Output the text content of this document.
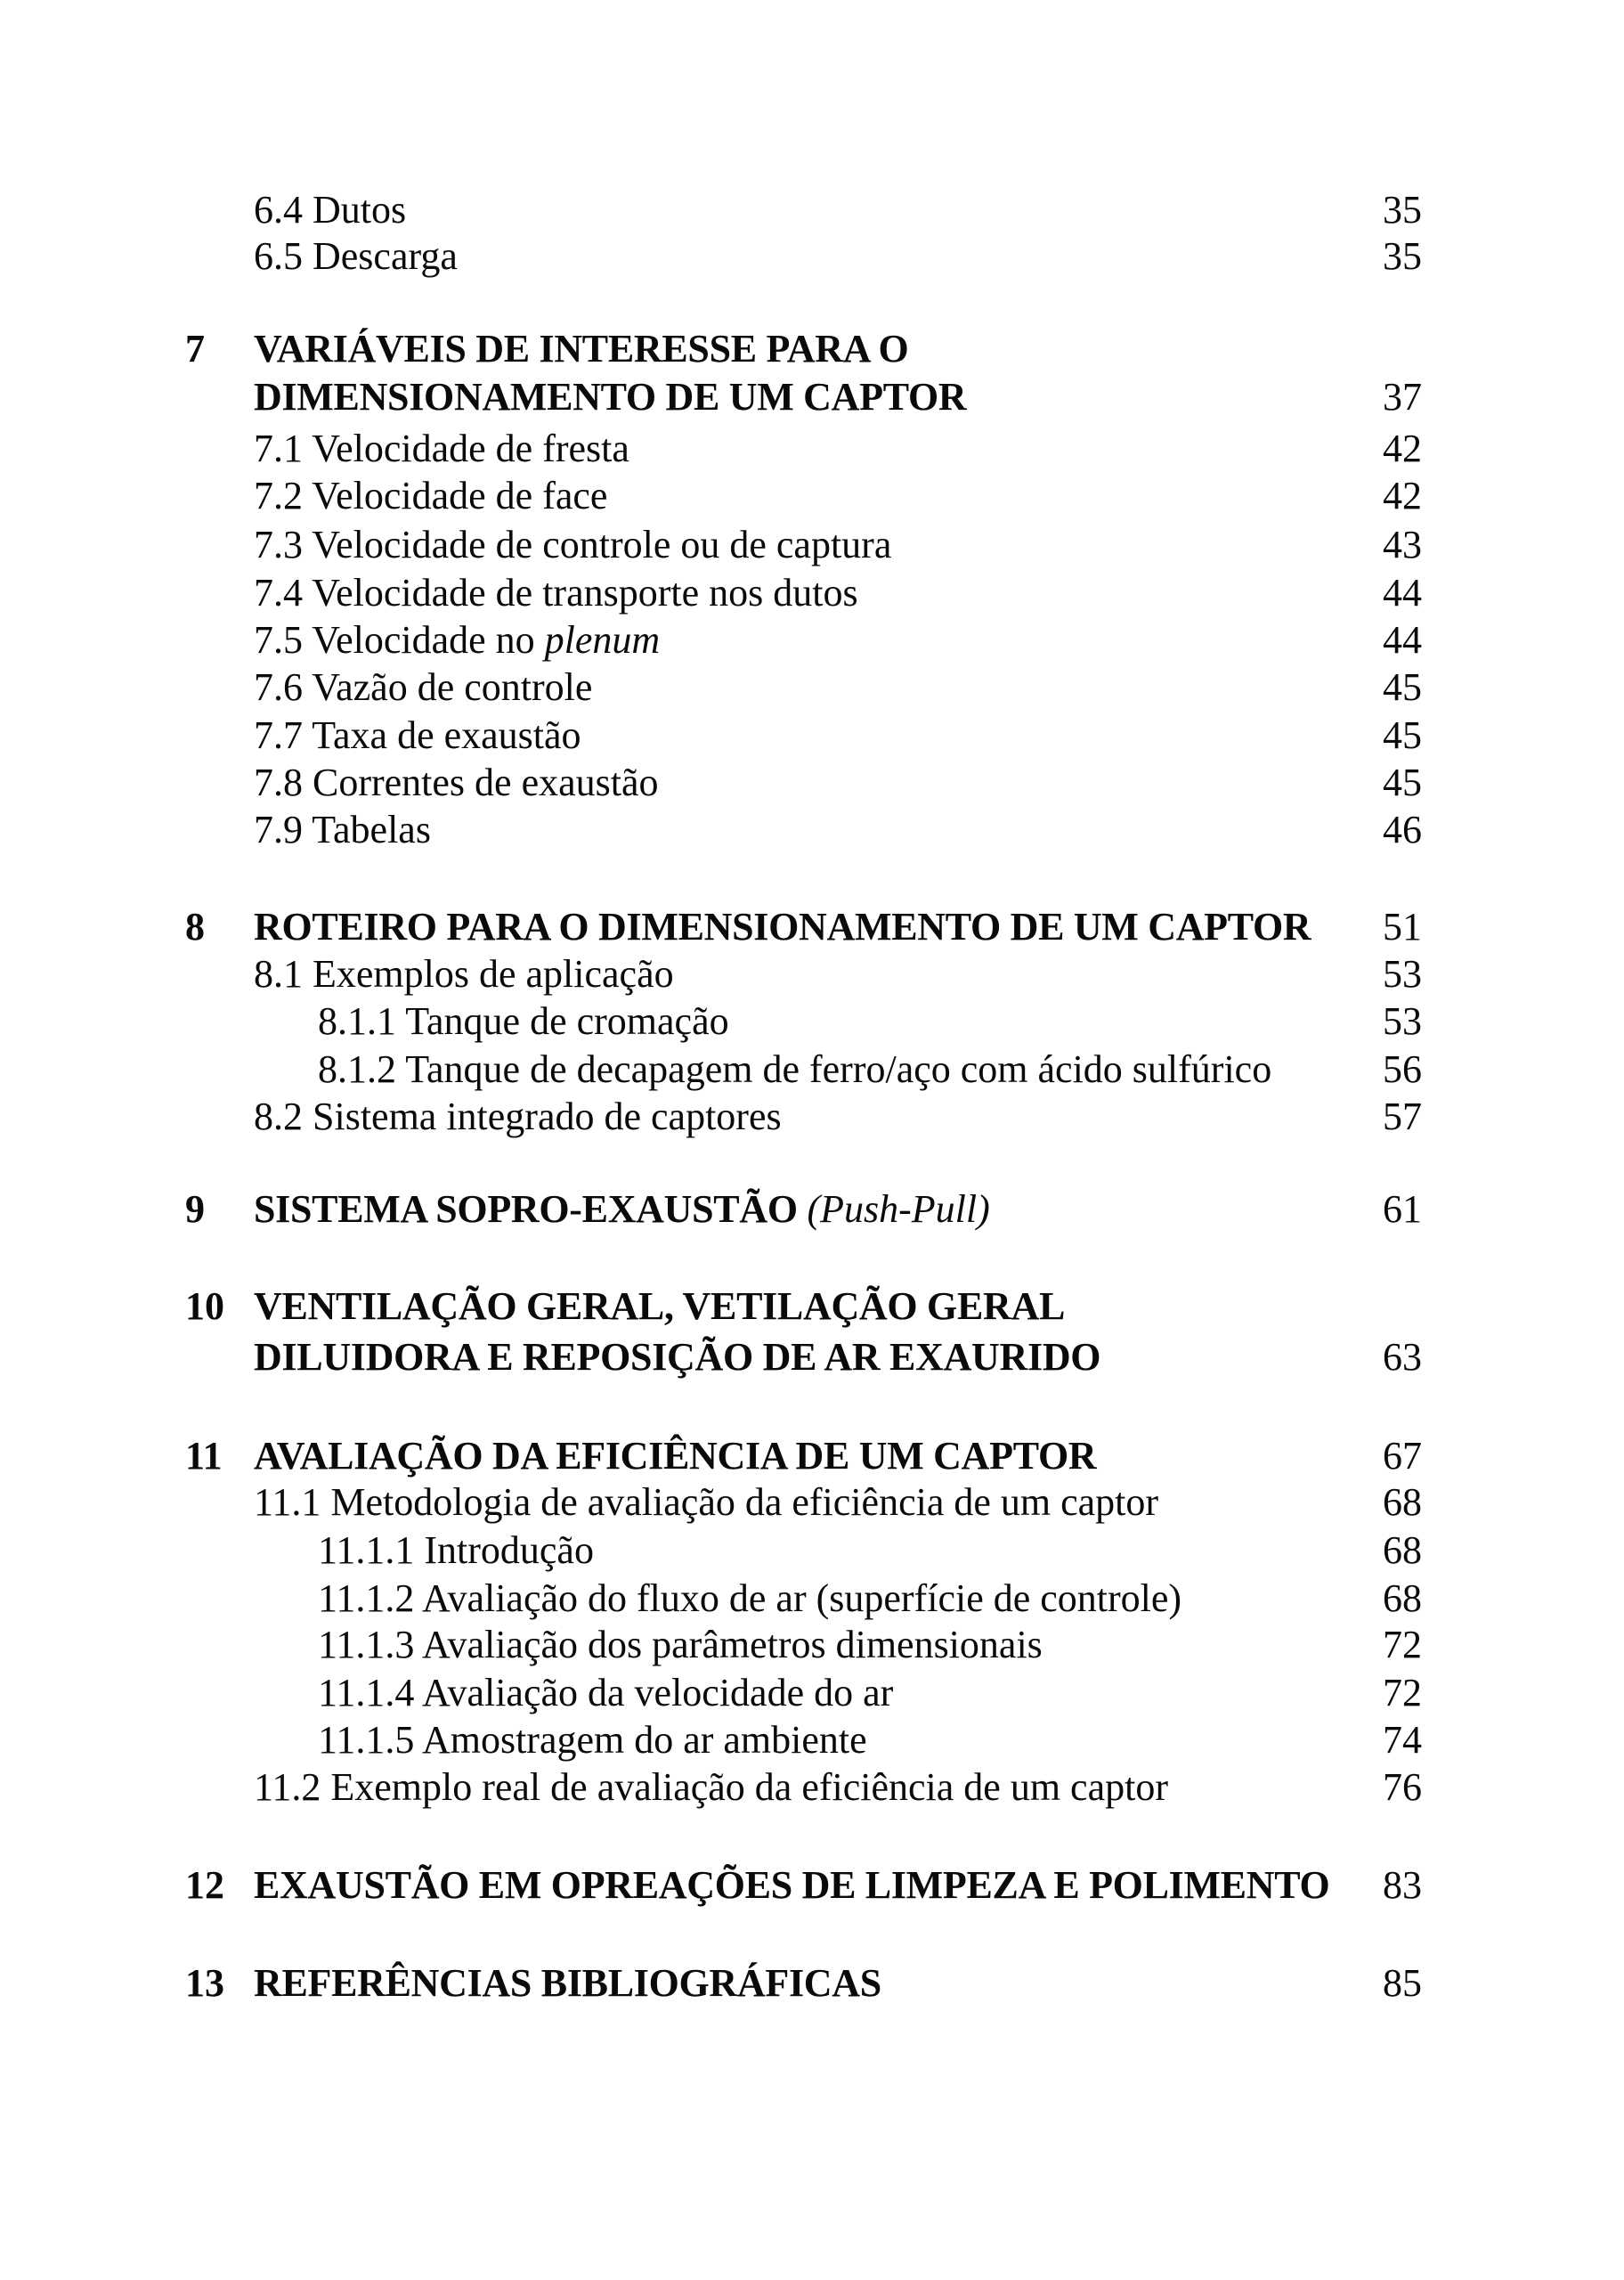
6.4 Dutos	35
6.5 Descarga	35
7 VARIÁVEIS DE INTERESSE PARA O
DIMENSIONAMENTO DE UM CAPTOR	37
7.1 Velocidade de fresta	42
7.2 Velocidade de face	42
7.3 Velocidade de controle ou de captura	43
7.4 Velocidade de transporte nos dutos	44
7.5 Velocidade no plenum	44
7.6 Vazão de controle	45
7.7 Taxa de exaustão	45
7.8 Correntes de exaustão	45
7.9 Tabelas	46
8 ROTEIRO PARA O DIMENSIONAMENTO DE UM CAPTOR 51
8.1 Exemplos de aplicação	53
8.1.1 Tanque de cromação	53
8.1.2 Tanque de decapagem de ferro/aço com ácido sulfúrico	56
8.2 Sistema integrado de captores	57
9 SISTEMA SOPRO-EXAUSTÃO (Push-Pull)	61
10 VENTILAÇÃO GERAL, VETILAÇÃO GERAL
DILUIDORA E REPOSIÇÃO DE AR EXAURIDO	63
11 AVALIAÇÃO DA EFICIÊNCIA DE UM CAPTOR	67
11.1 Metodologia de avaliação da eficiência de um captor	68
11.1.1 Introdução	68
11.1.2 Avaliação do fluxo de ar (superfície de controle)	68
11.1.3 Avaliação dos parâmetros dimensionais	72
11.1.4 Avaliação da velocidade do ar	72
11.1.5 Amostragem do ar ambiente	74
11.2 Exemplo real de avaliação da eficiência de um captor	76
12 EXAUSTÃO EM OPREAÇÕES DE LIMPEZA E POLIMENTO 83
13 REFERÊNCIAS BIBLIOGRÁFICAS	85
